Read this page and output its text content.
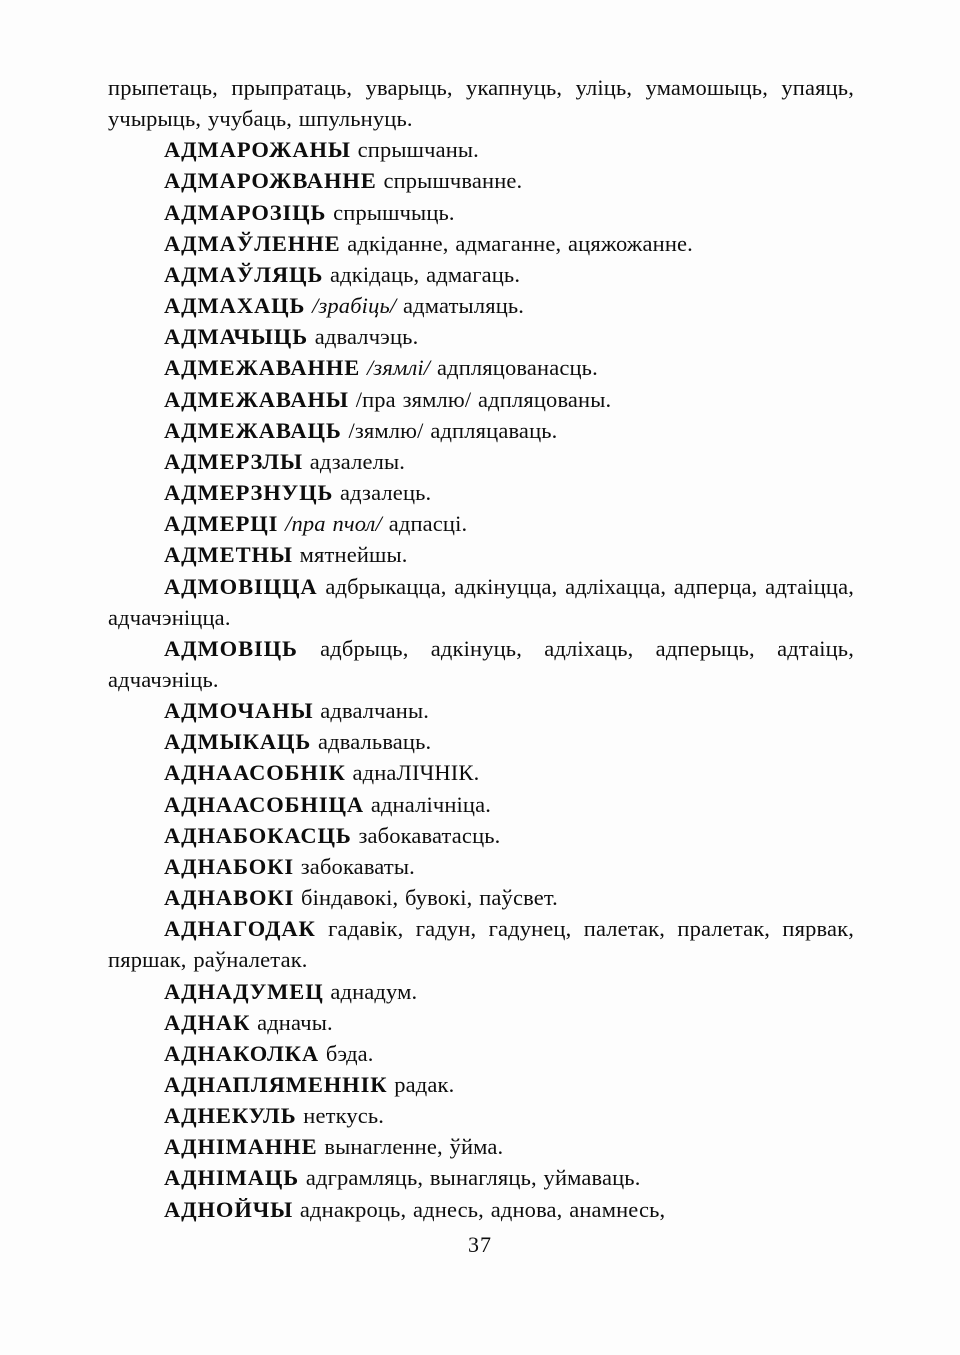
прыпетаць, прыпратаць, уварыць, укапнуць, уліць, умамошыць, упаяць, учырыць, учубаць, шпульнуць.

АДМАРОЖАНЫ спрышчаны.

АДМАРОЖВАННЕ спрышчванне.

АДМАРОЗІЦЬ спрышчыць.

АДМАЎЛЕННЕ адкіданне, адмаганне, ацяжожанне.

АДМАЎЛЯЦЬ адкідаць, адмагаць.

АДМАХАЦЬ /зрабіць/ адматыляць.

АДМАЧЫЦЬ адвалчэць.

АДМЕЖАВАННЕ /зямлі/ адпляцованасць.

АДМЕЖАВАНЫ /пра зямлю/ адпляцованы.

АДМЕЖАВАЦЬ /зямлю/ адпляцаваць.

АДМЕРЗЛЫ адзалелы.

АДМЕРЗНУЦЬ адзалець.

АДМЕРЦІ /пра пчол/ адпасці.

АДМЕТНЫ мятнейшы.

АДМОВІЦЦА адбрыкацца, адкінуцца, адліхацца, адперца, адтаіцца, адчачэніцца.

АДМОВІЦЬ адбрыць, адкінуць, адліхаць, адперыць, адтаіць, адчачэніць.

АДМОЧАНЫ адвалчаны.

АДМЫКАЦЬ адвальваць.

АДНААСОБНІК аднаЛІЧНІК.

АДНААСОБНІЦА адналічніца.

АДНАБОКАСЦЬ забокаватасць.

АДНАБОКІ забокаваты.

АДНАВОКІ біндавокі, бувокі, паўсвет.

АДНАГОДАК гадавік, гадун, гадунец, палетак, пралетак, пярвак, пяршак, раўналетак.

АДНАДУМЕЦ аднадум.

АДНАК адначы.

АДНАКОЛКА бэда.

АДНАПЛЯМЕННІК радак.

АДНЕКУЛЬ неткусь.

АДНІМАННЕ вынагленне, ўйма.

АДНІМАЦЬ адграмляць, вынагляць, уймаваць.

АДНОЙЧЫ аднакроць, аднесь, аднова, анамнесь,

37
